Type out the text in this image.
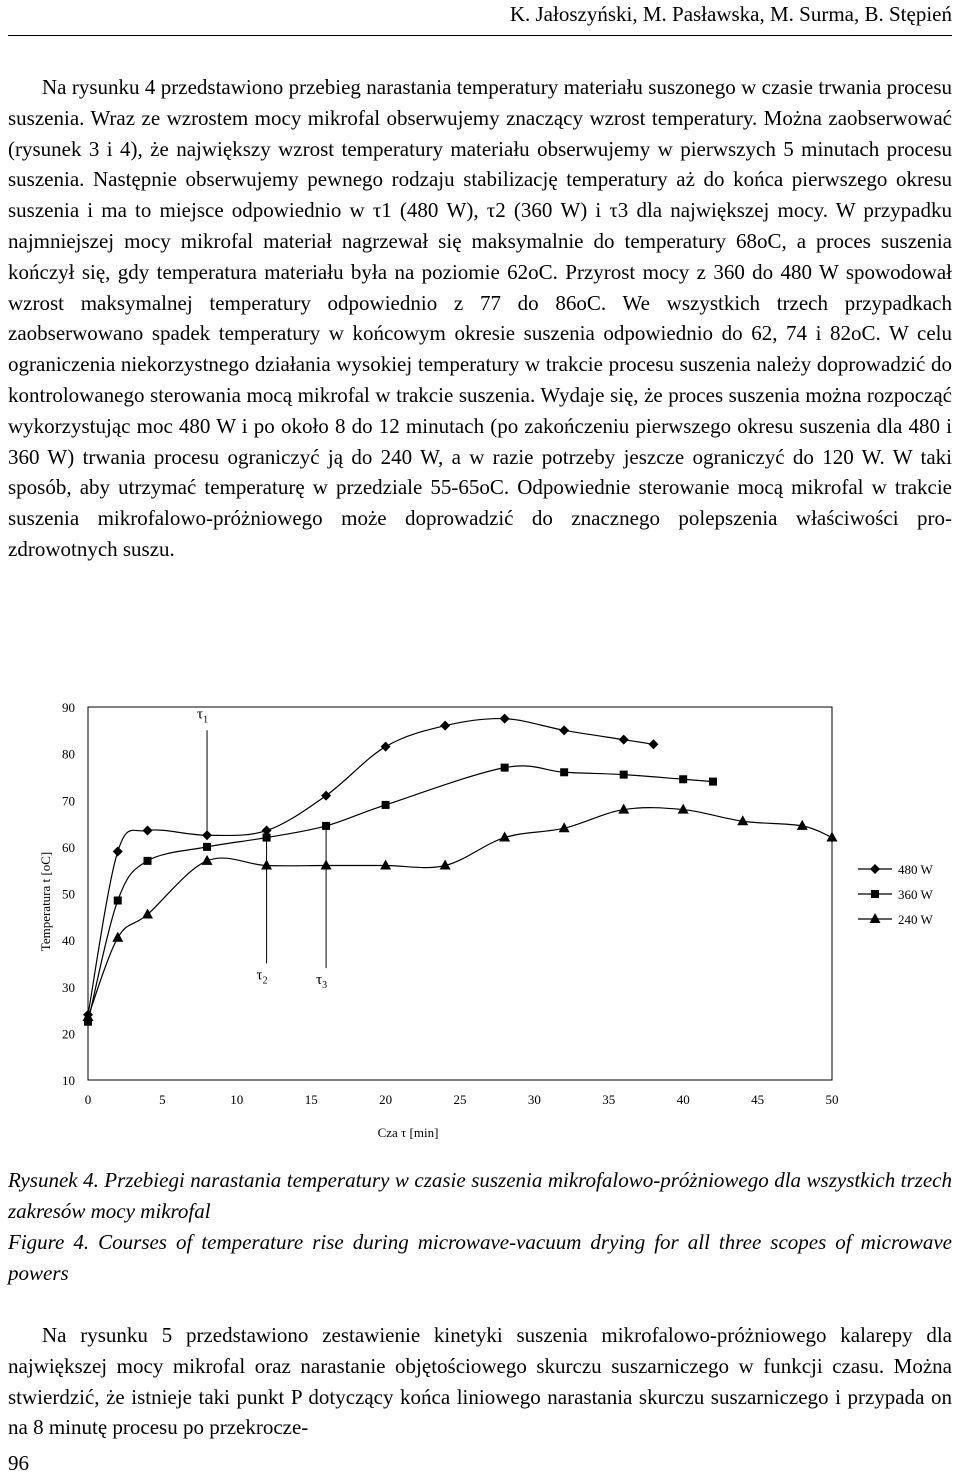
K. Jałoszyński, M. Pasławska, M. Surma, B. Stępień

Na rysunku 4 przedstawiono przebieg narastania temperatury materiału suszonego w czasie trwania procesu suszenia. Wraz ze wzrostem mocy mikrofal obserwujemy znaczący wzrost temperatury. Można zaobserwować (rysunek 3 i 4), że największy wzrost temperatury materiału obserwujemy w pierwszych 5 minutach procesu suszenia. Następnie obserwujemy pewnego rodzaju stabilizację temperatury aż do końca pierwszego okresu suszenia i ma to miejsce odpowiednio w τ1 (480 W), τ2 (360 W) i τ3 dla największej mocy. W przypadku najmniejszej mocy mikrofal materiał nagrzewał się maksymalnie do temperatury 68oC, a proces suszenia kończył się, gdy temperatura materiału była na poziomie 62oC. Przyrost mocy z 360 do 480 W spowodował wzrost maksymalnej temperatury odpowiednio z 77 do 86oC. We wszystkich trzech przypadkach zaobserwowano spadek temperatury w końcowym okresie suszenia odpowiednio do 62, 74 i 82oC. W celu ograniczenia niekorzystnego działania wysokiej temperatury w trakcie procesu suszenia należy doprowadzić do kontrolowanego sterowania mocą mikrofal w trakcie suszenia. Wydaje się, że proces suszenia można rozpocząć wykorzystując moc 480 W i po około 8 do 12 minutach (po zakończeniu pierwszego okresu suszenia dla 480 i 360 W) trwania procesu ograniczyć ją do 240 W, a w razie potrzeby jeszcze ograniczyć do 120 W. W taki sposób, aby utrzymać temperaturę w przedziale 55-65oC. Odpowiednie sterowanie mocą mikrofal w trakcie suszenia mikrofalowo-próżniowego może doprowadzić do znacznego polepszenia właściwości pro-zdrowotnych suszu.

10
20
30
40
50
60
70
80
90
0	5	10	15	20	25	30	35	40	45	50
Cza τ [min]
Temperatura t [oC]
$\tau_1$
$\tau_2$	$\tau_3$
480 W
360 W
240 W

Rysunek 4. Przebiegi narastania temperatury w czasie suszenia mikrofalowo-próżniowego dla wszystkich trzech zakresów mocy mikrofal

Figure 4. Courses of temperature rise during microwave-vacuum drying for all three scopes of microwave powers

Na rysunku 5 przedstawiono zestawienie kinetyki suszenia mikrofalowo-próżniowego kalarepy dla największej mocy mikrofal oraz narastanie objętościowego skurczu suszarniczego w funkcji czasu. Można stwierdzić, że istnieje taki punkt P dotyczący końca liniowego narastania skurczu suszarniczego i przypada on na 8 minutę procesu po przekrocze-

96
